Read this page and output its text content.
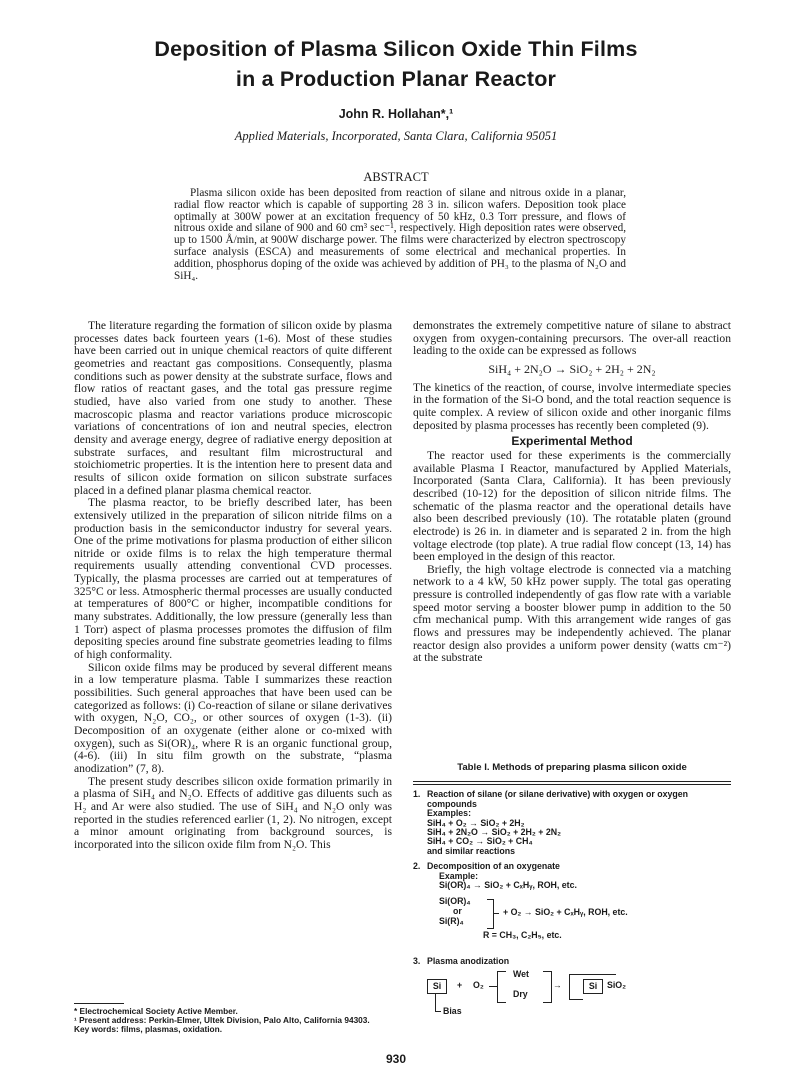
Deposition of Plasma Silicon Oxide Thin Films
in a Production Planar Reactor
John R. Hollahan*,¹
Applied Materials, Incorporated, Santa Clara, California 95051
ABSTRACT
Plasma silicon oxide has been deposited from reaction of silane and nitrous oxide in a planar, radial flow reactor which is capable of supporting 28 3 in. silicon wafers. Deposition took place optimally at 300W power at an excitation frequency of 50 kHz, 0.3 Torr pressure, and flows of nitrous oxide and silane of 900 and 60 cm³ sec⁻¹, respectively. High deposition rates were observed, up to 1500 Å/min, at 900W discharge power. The films were characterized by electron spectroscopy surface analysis (ESCA) and measurements of some electrical and mechanical properties. In addition, phosphorus doping of the oxide was achieved by addition of PH₃ to the plasma of N₂O and SiH₄.

The literature regarding the formation of silicon oxide by plasma processes dates back fourteen years (1-6). Most of these studies have been carried out in unique chemical reactors of quite different geometries and reactant gas compositions. Consequently, plasma conditions such as power density at the substrate surface, flows and flow ratios of reactant gases, and the total gas pressure regime studied, have also varied from one study to another. These macroscopic plasma and reactor variations produce microscopic variations of concentrations of ion and neutral species, electron density and average energy, degree of radiative energy deposition at substrate surfaces, and resultant film microstructural and stoichiometric properties. It is the intention here to present data and results of silicon oxide formation on silicon substrate surfaces placed in a defined planar plasma chemical reactor.

The plasma reactor, to be briefly described later, has been extensively utilized in the preparation of silicon nitride films on a production basis in the semiconductor industry for several years. One of the prime motivations for plasma production of either silicon nitride or oxide films is to relax the high temperature thermal requirements usually attending conventional CVD processes. Typically, the plasma processes are carried out at temperatures of 325°C or less. Atmospheric thermal processes are usually conducted at temperatures of 800°C or higher, incompatible conditions for many substrates. Additionally, the low pressure (generally less than 1 Torr) aspect of plasma processes promotes the diffusion of film depositing species around fine substrate geometries leading to films of high conformality.

Silicon oxide films may be produced by several different means in a low temperature plasma. Table I summarizes these reaction possibilities. Such general approaches that have been used can be categorized as follows: (i) Co-reaction of silane or silane derivatives with oxygen, N₂O, CO₂, or other sources of oxygen (1-3). (ii) Decomposition of an oxygenate (either alone or co-mixed with oxygen), such as Si(OR)₄, where R is an organic functional group, (4-6). (iii) In situ film growth on the substrate, “plasma anodization” (7, 8).

The present study describes silicon oxide formation primarily in a plasma of SiH₄ and N₂O. Effects of additive gas diluents such as H₂ and Ar were also studied. The use of SiH₄ and N₂O only was reported in the studies referenced earlier (1, 2). No nitrogen, except a minor amount originating from background sources, is incorporated into the silicon oxide film from N₂O. This

demonstrates the extremely competitive nature of silane to abstract oxygen from oxygen-containing precursors. The over-all reaction leading to the oxide can be expressed as follows

SiH₄ + 2N₂O → SiO₂ + 2H₂ + 2N₂

The kinetics of the reaction, of course, involve intermediate species in the formation of the Si-O bond, and the total reaction sequence is quite complex. A review of silicon oxide and other inorganic films deposited by plasma processes has recently been completed (9).

Experimental Method

The reactor used for these experiments is the commercially available Plasma I Reactor, manufactured by Applied Materials, Incorporated (Santa Clara, California). It has been previously described (10-12) for the deposition of silicon nitride films. The schematic of the plasma reactor and the operational details have also been described previously (10). The rotatable platen (ground electrode) is 26 in. in diameter and is separated 2 in. from the high voltage electrode (top plate). A true radial flow concept (13, 14) has been employed in the design of this reactor.

Briefly, the high voltage electrode is connected via a matching network to a 4 kW, 50 kHz power supply. The total gas operating pressure is controlled independently of gas flow rate with a variable speed motor serving a booster blower pump in addition to the 50 cfm mechanical pump. With this arrangement wide ranges of gas flows and pressures may be independently achieved. The planar reactor design also provides a uniform power density (watts cm⁻²) at the substrate

Table I. Methods of preparing plasma silicon oxide
1. Reaction of silane (or silane derivative) with oxygen or oxygen compounds
Examples:
SiH₄ + O₂ → SiO₂ + 2H₂
SiH₄ + 2N₂O → SiO₂ + 2H₂ + 2N₂
SiH₄ + CO₂ → SiO₂ + CH₄
and similar reactions
2. Decomposition of an oxygenate
Example:
Si(OR)₄ → SiO₂ + CₓHᵧ, ROH, etc.
Si(OR)₄
or
Si(R)₄
+ O₂ → SiO₂ + CₓHᵧ, ROH, etc.
R = CH₃, C₂H₅, etc.
3. Plasma anodization
Si
Bias
+ O₂
Wet
Dry
→	Si	SiO₂
* Electrochemical Society Active Member.
¹ Present address: Perkin-Elmer, Ultek Division, Palo Alto, California 94303.
Key words: films, plasmas, oxidation.
930
